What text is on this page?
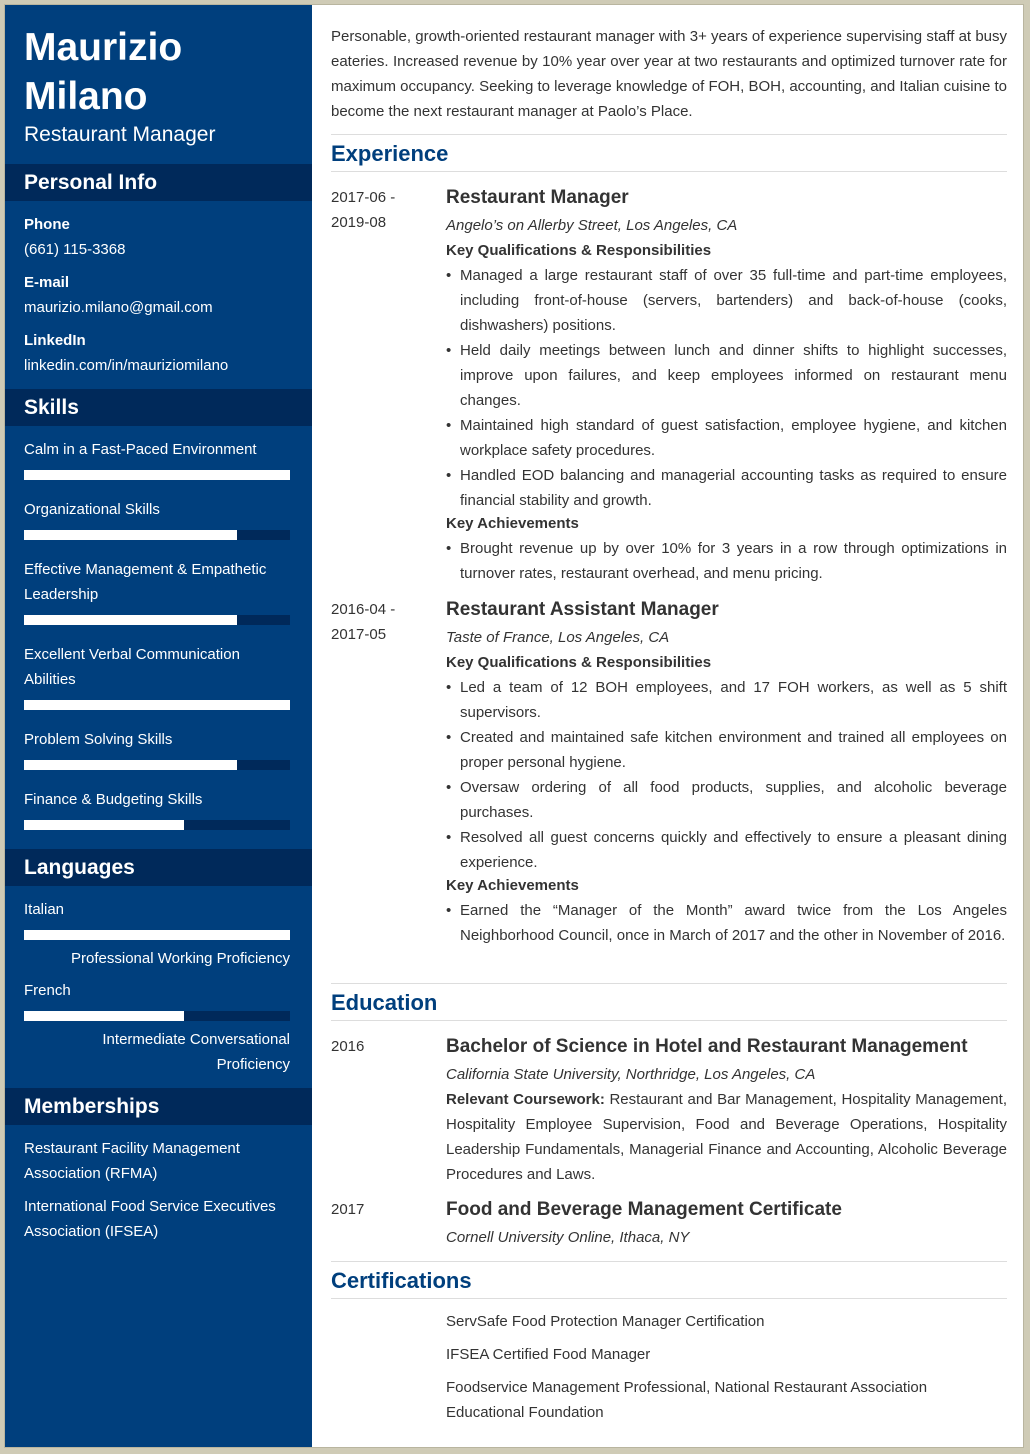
Maurizio
Milano
Restaurant Manager
Personal Info
Phone
(661) 115-3368
E-mail
maurizio.milano@gmail.com
LinkedIn
linkedin.com/in/mauriziomilano
Skills
Calm in a Fast-Paced Environment
Organizational Skills
Effective Management & Empathetic Leadership
Excellent Verbal Communication Abilities
Problem Solving Skills
Finance & Budgeting Skills
Languages
Italian
Professional Working Proficiency
French
Intermediate Conversational Proficiency
Memberships
Restaurant Facility Management Association (RFMA)
International Food Service Executives Association (IFSEA)
Personable, growth-oriented restaurant manager with 3+ years of experience supervising staff at busy eateries. Increased revenue by 10% year over year at two restaurants and optimized turnover rate for maximum occupancy. Seeking to leverage knowledge of FOH, BOH, accounting, and Italian cuisine to become the next restaurant manager at Paolo’s Place.
Experience
2017-06 -
2019-08
Restaurant Manager
Angelo’s on Allerby Street, Los Angeles, CA
Key Qualifications & Responsibilities
• Managed a large restaurant staff of over 35 full-time and part-time employees, including front-of-house (servers, bartenders) and back-of-house (cooks, dishwashers) positions.
• Held daily meetings between lunch and dinner shifts to highlight successes, improve upon failures, and keep employees informed on restaurant menu changes.
• Maintained high standard of guest satisfaction, employee hygiene, and kitchen workplace safety procedures.
• Handled EOD balancing and managerial accounting tasks as required to ensure financial stability and growth.
Key Achievements
• Brought revenue up by over 10% for 3 years in a row through optimizations in turnover rates, restaurant overhead, and menu pricing.
2016-04 -
2017-05
Restaurant Assistant Manager
Taste of France, Los Angeles, CA
Key Qualifications & Responsibilities
• Led a team of 12 BOH employees, and 17 FOH workers, as well as 5 shift supervisors.
• Created and maintained safe kitchen environment and trained all employees on proper personal hygiene.
• Oversaw ordering of all food products, supplies, and alcoholic beverage purchases.
• Resolved all guest concerns quickly and effectively to ensure a pleasant dining experience.
Key Achievements
• Earned the “Manager of the Month” award twice from the Los Angeles Neighborhood Council, once in March of 2017 and the other in November of 2016.
Education
2016	Bachelor of Science in Hotel and Restaurant Management
California State University, Northridge, Los Angeles, CA
Relevant Coursework: Restaurant and Bar Management, Hospitality Management, Hospitality Employee Supervision, Food and Beverage Operations, Hospitality Leadership Fundamentals, Managerial Finance and Accounting, Alcoholic Beverage Procedures and Laws.
2017	Food and Beverage Management Certificate
Cornell University Online, Ithaca, NY
Certifications
ServSafe Food Protection Manager Certification
IFSEA Certified Food Manager
Foodservice Management Professional, National Restaurant Association Educational Foundation
